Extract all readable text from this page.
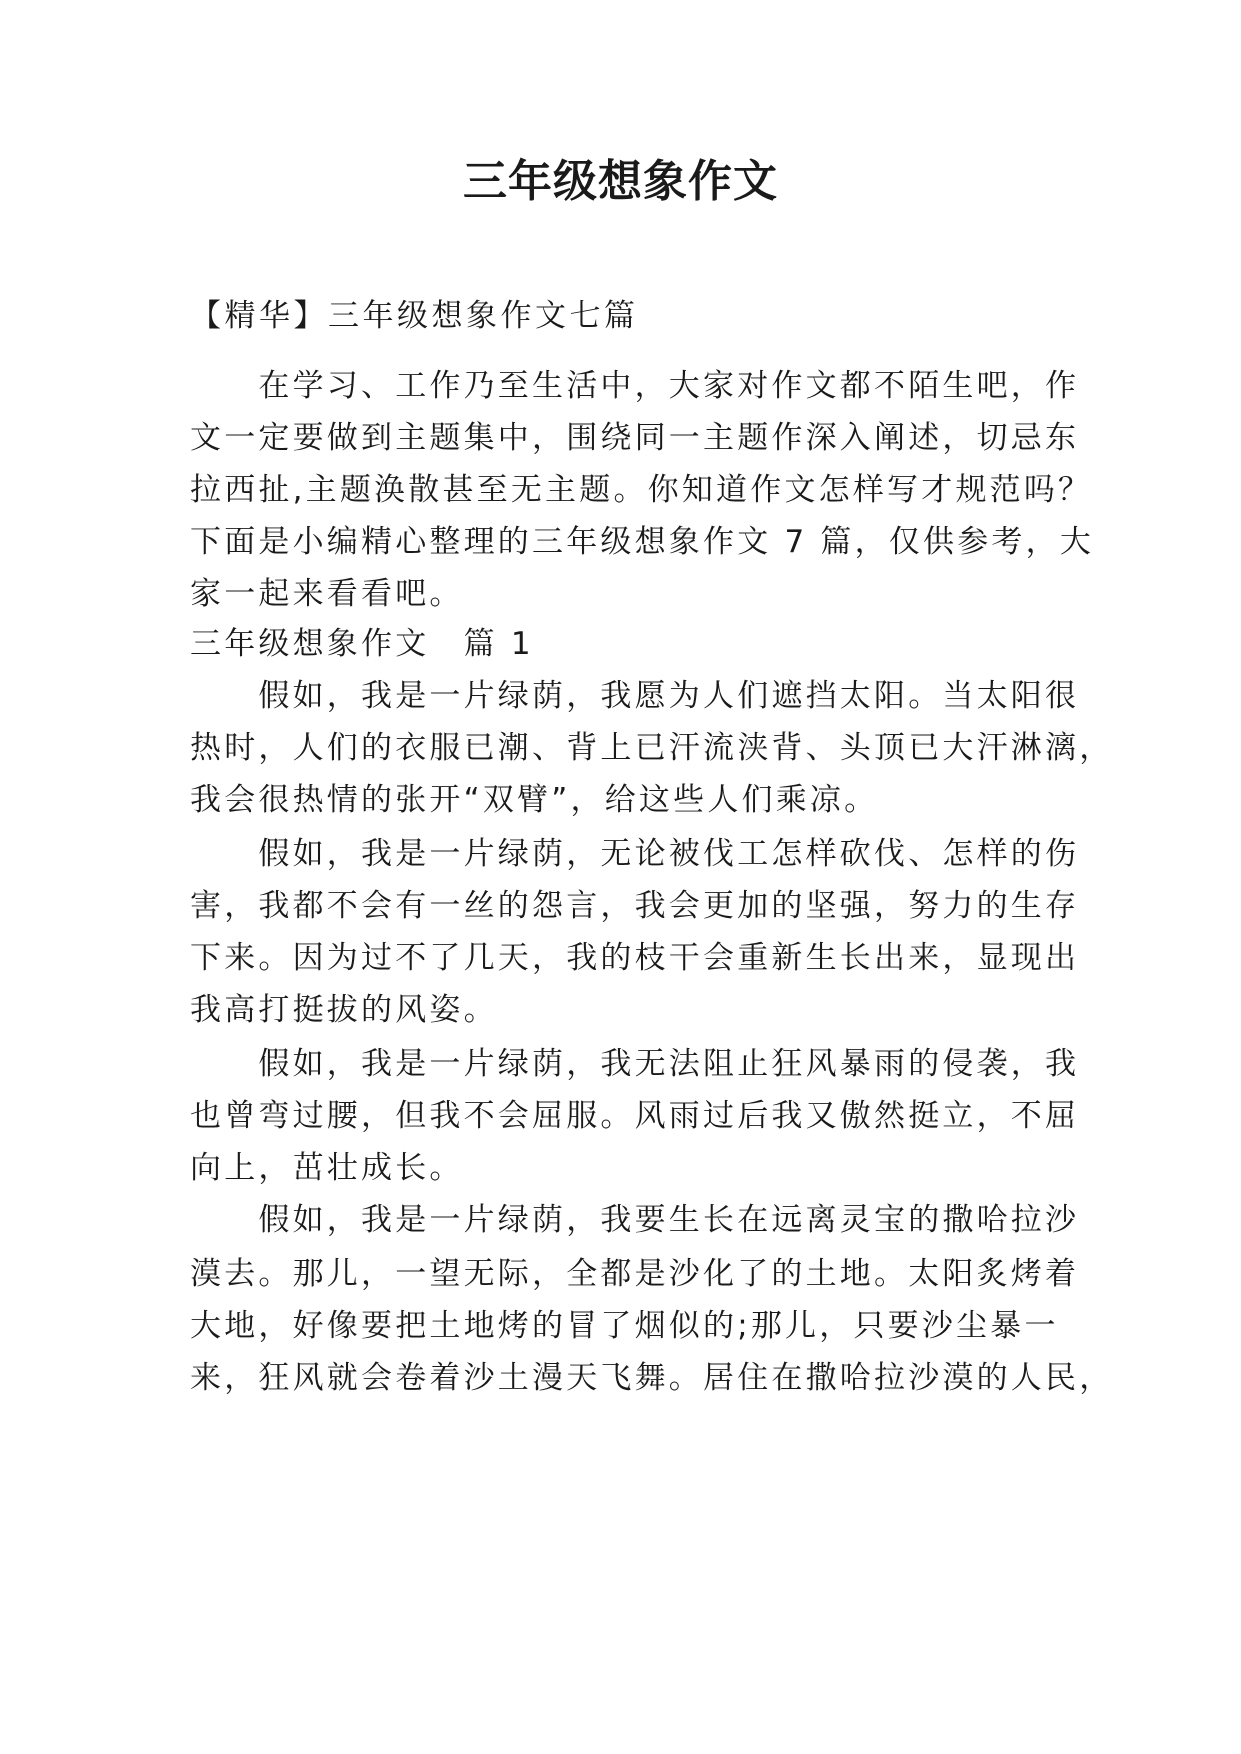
三年级想象作文

【精华】三年级想象作文七篇

　　在学习、工作乃至生活中，大家对作文都不陌生吧，作

文一定要做到主题集中，围绕同一主题作深入阐述，切忌东

拉西扯,主题涣散甚至无主题。你知道作文怎样写才规范吗？

下面是小编精心整理的三年级想象作文 7 篇，仅供参考，大

家一起来看看吧。

三年级想象作文　篇 1

　　假如，我是一片绿荫，我愿为人们遮挡太阳。当太阳很

热时，人们的衣服已潮、背上已汗流浃背、头顶已大汗淋漓，

我会很热情的张开“双臂”，给这些人们乘凉。

　　假如，我是一片绿荫，无论被伐工怎样砍伐、怎样的伤

害，我都不会有一丝的怨言，我会更加的坚强，努力的生存

下来。因为过不了几天，我的枝干会重新生长出来，显现出

我高打挺拔的风姿。

　　假如，我是一片绿荫，我无法阻止狂风暴雨的侵袭，我

也曾弯过腰，但我不会屈服。风雨过后我又傲然挺立，不屈

向上，茁壮成长。

　　假如，我是一片绿荫，我要生长在远离灵宝的撒哈拉沙

漠去。那儿，一望无际，全都是沙化了的土地。太阳炙烤着

大地，好像要把土地烤的冒了烟似的;那儿，只要沙尘暴一

来，狂风就会卷着沙土漫天飞舞。居住在撒哈拉沙漠的人民，
